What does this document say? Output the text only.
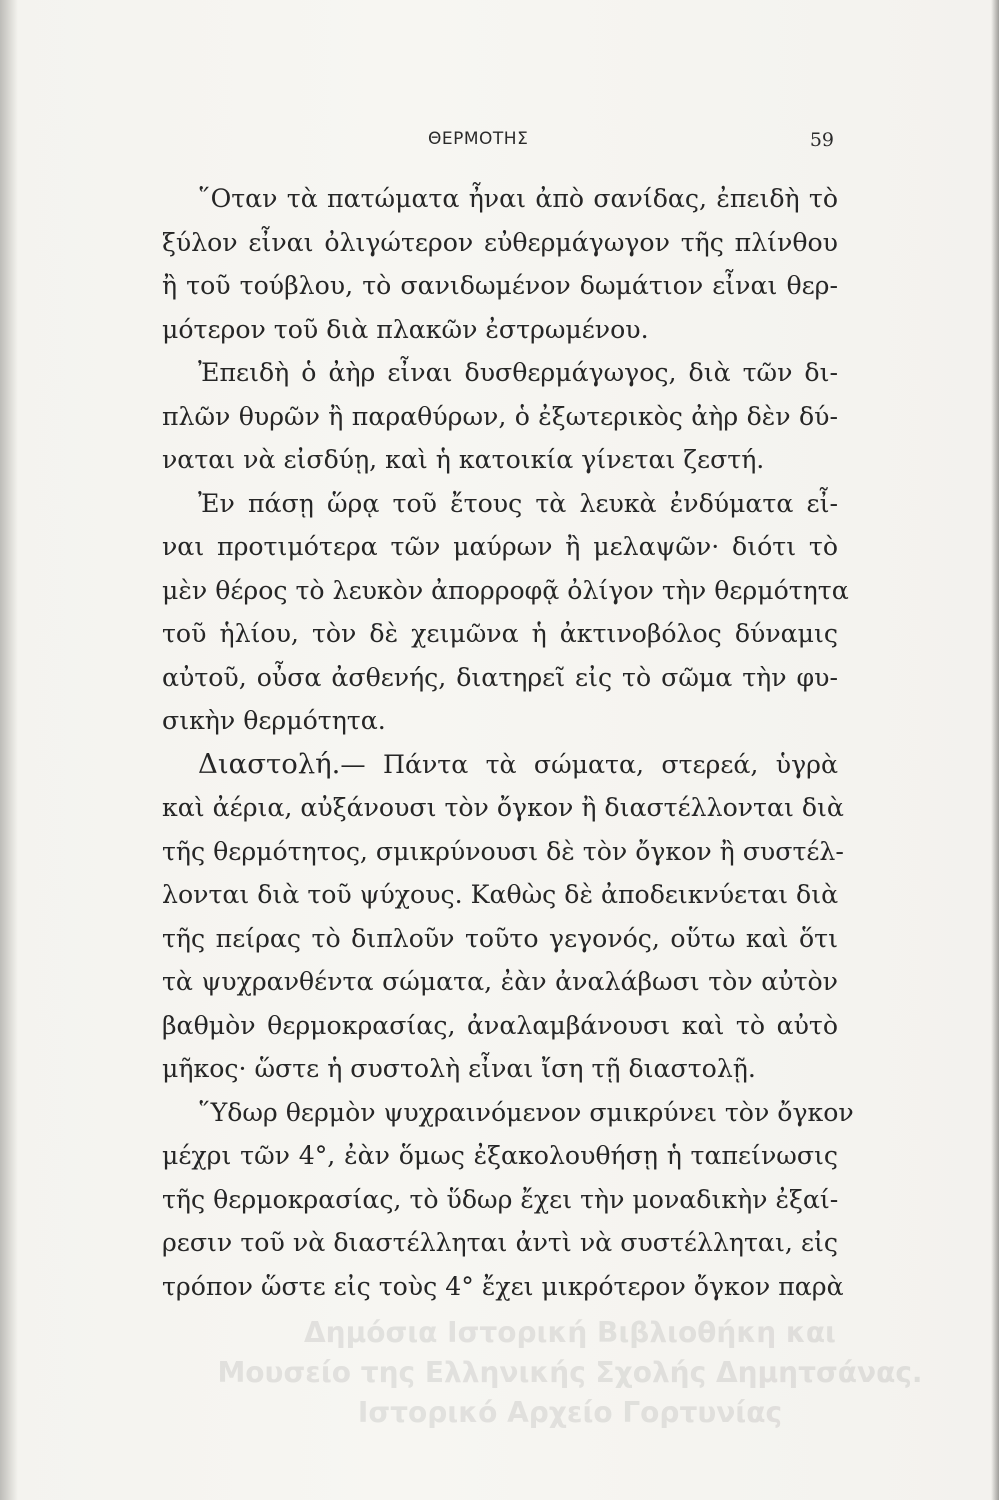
ΘΕΡΜΟΤΗΣ	59
῞Οταν τὰ πατώματα ἦναι ἀπὸ σανίδας, ἐπειδὴ τὸ
ξύλον εἶναι ὀλιγώτερον εὐθερμάγωγον τῆς πλίνθου
ἢ τοῦ τούβλου, τὸ σανιδωμένον δωμάτιον εἶναι θερ-
μότερον τοῦ διὰ πλακῶν ἐστρωμένου.
Ἐπειδὴ ὁ ἀὴρ εἶναι δυσθερμάγωγος, διὰ τῶν δι-
πλῶν θυρῶν ἢ παραθύρων, ὁ ἐξωτερικὸς ἀὴρ δὲν δύ-
ναται νὰ εἰσδύῃ, καὶ ἡ κατοικία γίνεται ζεστή.
Ἐν πάσῃ ὥρᾳ τοῦ ἔτους τὰ λευκὰ ἐνδύματα εἶ-
ναι προτιμότερα τῶν μαύρων ἢ μελαψῶν· διότι τὸ
μὲν θέρος τὸ λευκὸν ἀπορροφᾷ ὀλίγον τὴν θερμότητα
τοῦ ἡλίου, τὸν δὲ χειμῶνα ἡ ἀκτινοβόλος δύναμις
αὐτοῦ, οὖσα ἀσθενής, διατηρεῖ εἰς τὸ σῶμα τὴν φυ-
σικὴν θερμότητα.
Διαστολή.— Πάντα τὰ σώματα, στερεά, ὑγρὰ
καὶ ἀέρια, αὐξάνουσι τὸν ὄγκον ἢ διαστέλλονται διὰ
τῆς θερμότητος, σμικρύνουσι δὲ τὸν ὄγκον ἢ συστέλ-
λονται διὰ τοῦ ψύχους. Καθὼς δὲ ἀποδεικνύεται διὰ
τῆς πείρας τὸ διπλοῦν τοῦτο γεγονός, οὕτω καὶ ὅτι
τὰ ψυχρανθέντα σώματα, ἐὰν ἀναλάβωσι τὸν αὐτὸν
βαθμὸν θερμοκρασίας, ἀναλαμβάνουσι καὶ τὸ αὐτὸ
μῆκος· ὥστε ἡ συστολὴ εἶναι ἴση τῇ διαστολῇ.
῞Υδωρ θερμὸν ψυχραινόμενον σμικρύνει τὸν ὄγκον
μέχρι τῶν 4°, ἐὰν ὅμως ἐξακολουθήσῃ ἡ ταπείνωσις
τῆς θερμοκρασίας, τὸ ὕδωρ ἔχει τὴν μοναδικὴν ἐξαί-
ρεσιν τοῦ νὰ διαστέλληται ἀντὶ νὰ συστέλληται, εἰς
τρόπον ὥστε εἰς τοὺς 4° ἔχει μικρότερον ὄγκον παρὰ
Δημόσια Ιστορική Βιβλιοθήκη και
Μουσείο της Ελληνικής Σχολής Δημητσάνας.
Ιστορικό Αρχείο Γορτυνίας
